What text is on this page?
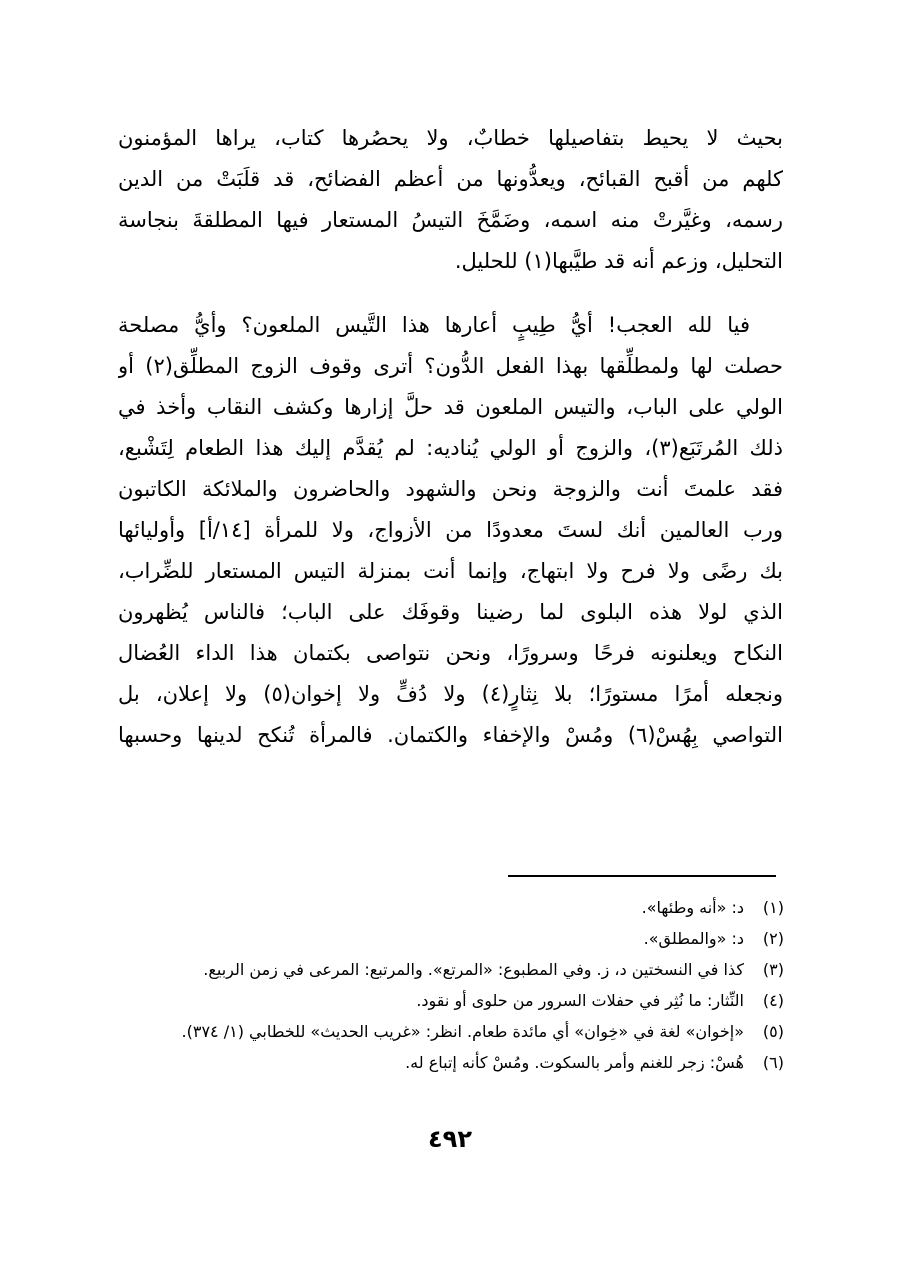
بحيث لا يحيط بتفاصيلها خطابٌ، ولا يحصُرها كتاب، يراها المؤمنون
كلهم من أقبح القبائح، ويعدُّونها من أعظم الفضائح، قد قلَبَتْ من الدين
رسمه، وغيَّرتْ منه اسمه، وضَمَّخَ التيسُ المستعار فيها المطلقةَ بنجاسة
التحليل، وزعم أنه قد طيَّبها(١) للحليل.
فيا لله العجب! أيُّ طِيبٍ أعارها هذا التَّيس الملعون؟ وأيُّ مصلحة
حصلت لها ولمطلِّقها بهذا الفعل الدُّون؟ أترى وقوف الزوج المطلِّق(٢) أو
الولي على الباب، والتيس الملعون قد حلَّ إزارها وكشف النقاب وأخذ في
ذلك المُرتَبَع(٣)، والزوج أو الولي يُناديه: لم يُقدَّم إليك هذا الطعام لِتَشْبع،
فقد علمتَ أنت والزوجة ونحن والشهود والحاضرون والملائكة الكاتبون
ورب العالمين أنك لستَ معدودًا من الأزواج، ولا للمرأة [١٤/أ] وأوليائها
بك رضًى ولا فرح ولا ابتهاج، وإنما أنت بمنزلة التيس المستعار للضِّراب،
الذي لولا هذه البلوى لما رضينا وقوفَك على الباب؛ فالناس يُظهرون
النكاح ويعلنونه فرحًا وسرورًا، ونحن نتواصى بكتمان هذا الداء العُضال
ونجعله أمرًا مستورًا؛ بلا نِثارٍ(٤) ولا دُفٍّ ولا إخوان(٥) ولا إعلان، بل
التواصي بِهُسْ(٦) ومُسْ والإخفاء والكتمان. فالمرأة تُنكح لدينها وحسبها
(١)
د: «أنه وطئها».
(٢)
د: «والمطلق».
(٣)
كذا في النسختين د، ز. وفي المطبوع: «المرتع». والمرتبع: المرعى في زمن الربيع.
(٤)
النِّثار: ما نُثِر في حفلات السرور من حلوى أو نقود.
(٥)
«إخوان» لغة في «خِوان» أي مائدة طعام. انظر: «غريب الحديث» للخطابي (١/ ٣٧٤).
(٦)
هُسْ: زجر للغنم وأمر بالسكوت. ومُسْ كأنه إتباع له.
٤٩٢
